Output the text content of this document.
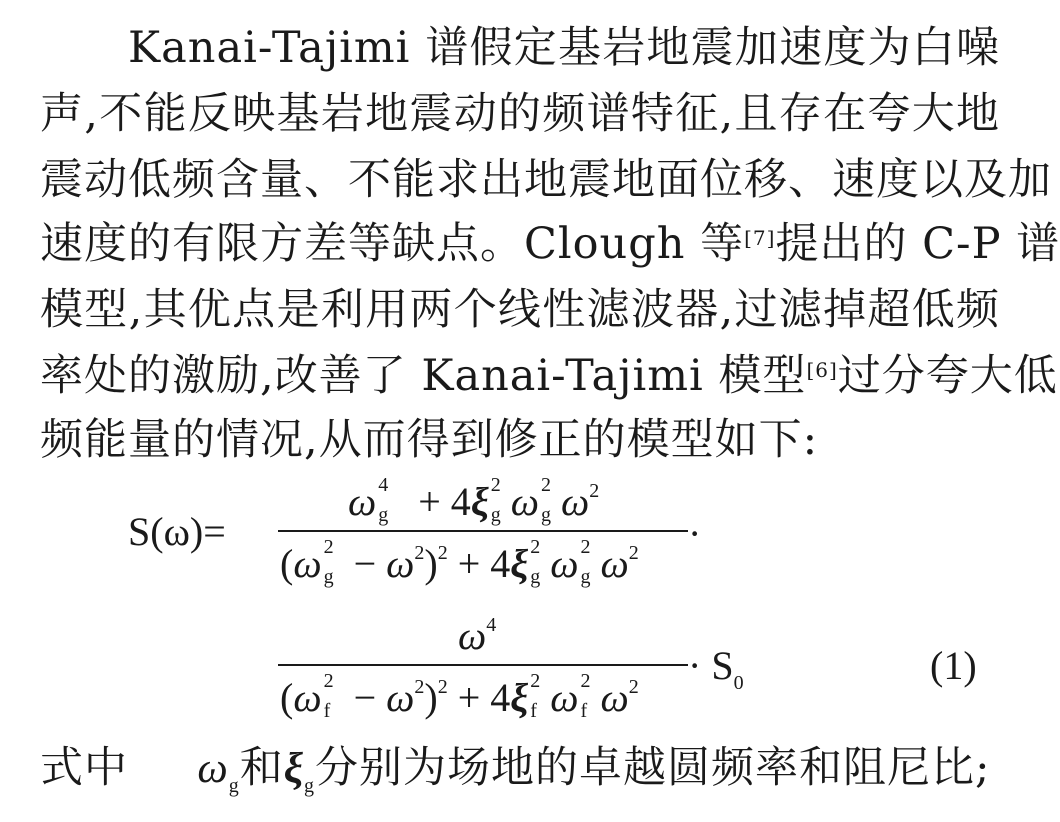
Kanai-Tajimi 谱假定基岩地震加速度为白噪
声,不能反映基岩地震动的频谱特征,且存在夸大地
震动低频含量、不能求出地震地面位移、速度以及加
速度的有限方差等缺点。Clough 等[7]提出的 C-P 谱
模型,其优点是利用两个线性滤波器,过滤掉超低频
率处的激励,改善了 Kanai-Tajimi 模型[6]过分夸大低
频能量的情况,从而得到修正的模型如下:
S(ω)=
ω 4
g + 4ξ 2
g ω 2
g $\omega^2$
(ω 2
$g - \omega^2)^2 + 4\xi$ 2
g ω 2
g $\omega^2$ ·
$\omega^4$
(ω 2
$f - \omega^2)^2 + 4\xi$ 2
f ω 2
f $\omega^2 \cdot S_0$	(1)
式中 $\omega_g$和$\xi_g$分别为场地的卓越圆频率和阻尼比;
